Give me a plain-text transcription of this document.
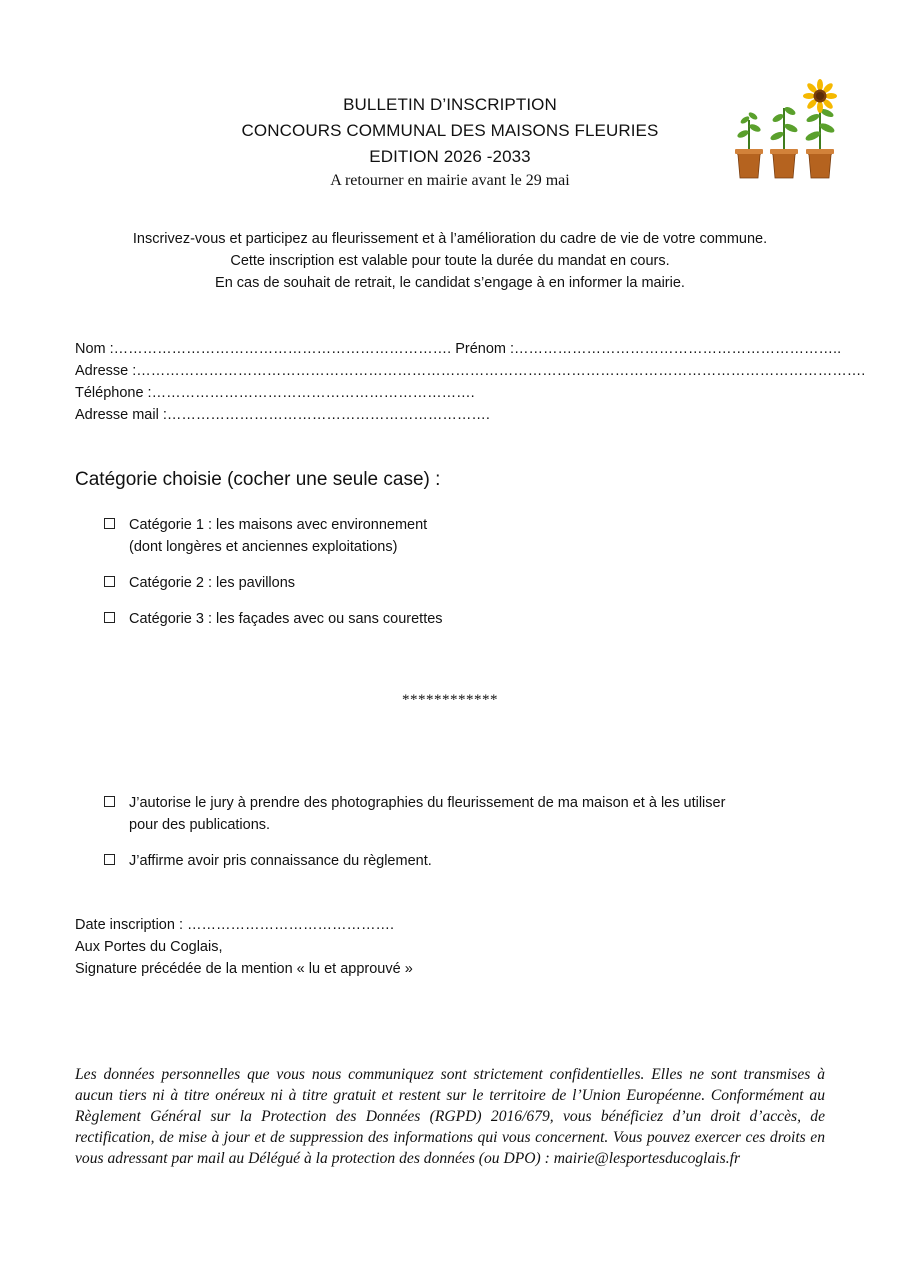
BULLETIN D’INSCRIPTION
CONCOURS COMMUNAL DES MAISONS FLEURIES
EDITION 2026 -2033
A retourner en mairie avant le 29 mai
Inscrivez-vous et participez au fleurissement et à l’amélioration du cadre de vie de votre commune.
Cette inscription est valable pour toute la durée du mandat en cours.
En cas de souhait de retrait, le candidat s’engage à en informer la mairie.
Nom :……………………………………………………………. Prénom :…………………………………………………………..
Adresse :…………………………………………………………………………………………………………………………………….
Téléphone :………………………………………………………….
Adresse mail :………………………………………………………….
Catégorie choisie (cocher une seule case) :
Catégorie 1 : les maisons avec environnement
(dont longères et anciennes exploitations)
Catégorie 2 : les pavillons
Catégorie 3 : les façades avec ou sans courettes
************
J’autorise le jury à prendre des photographies du fleurissement de ma maison et à les utiliser
pour des publications.
J’affirme avoir pris connaissance du règlement.
Date inscription : …………………………………….
Aux Portes du Coglais,
Signature précédée de la mention « lu et approuvé »
Les données personnelles que vous nous communiquez sont strictement confidentielles. Elles ne sont transmises à aucun tiers ni à titre onéreux ni à titre gratuit et restent sur le territoire de l’Union Européenne. Conformément au Règlement Général sur la Protection des Données (RGPD) 2016/679, vous bénéficiez d’un droit d’accès, de rectification, de mise à jour et de suppression des informations qui vous concernent. Vous pouvez exercer ces droits en vous adressant par mail au Délégué à la protection des données (ou DPO) : mairie@lesportesducoglais.fr
